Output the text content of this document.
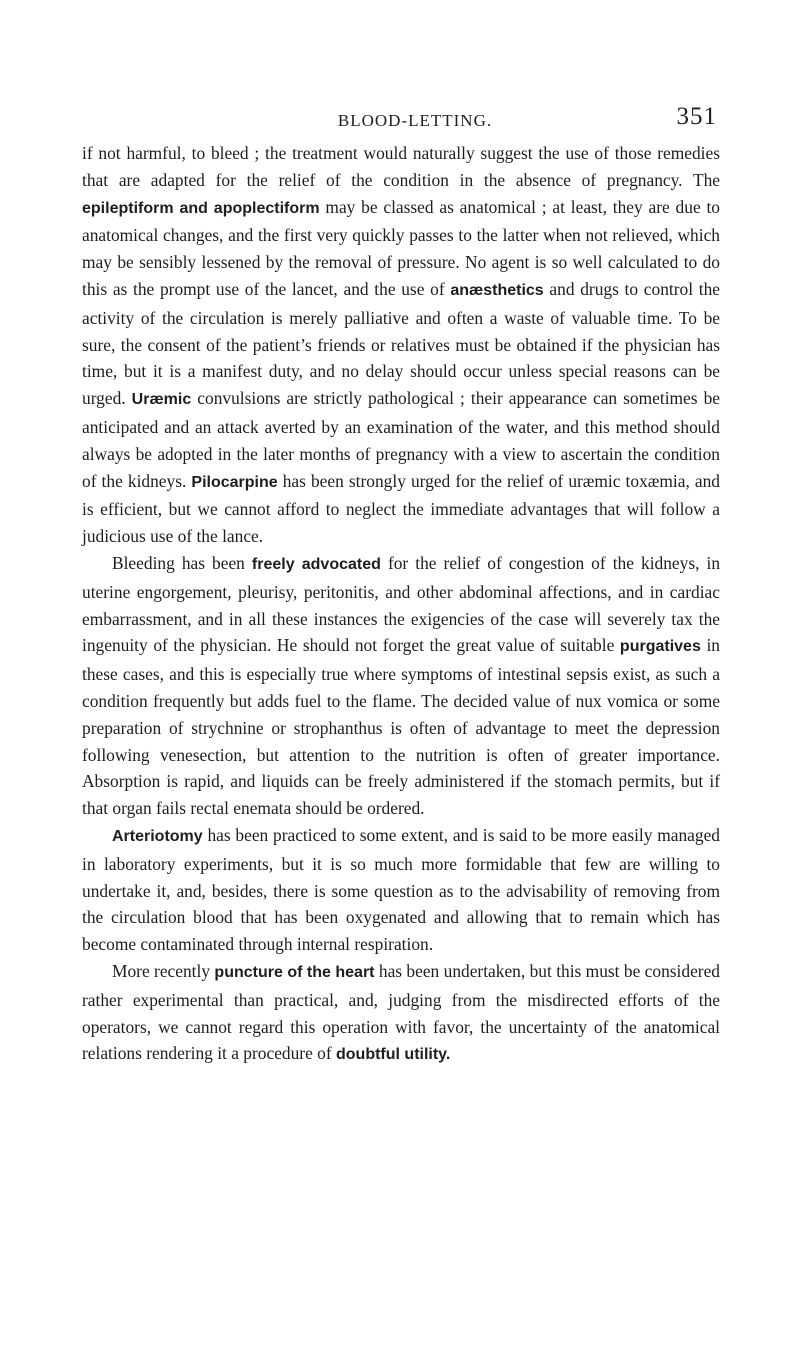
BLOOD-LETTING.	351

if not harmful, to bleed ; the treatment would naturally suggest the use of those remedies that are adapted for the relief of the condition in the absence of pregnancy. The epileptiform and apoplectiform may be classed as anatomical ; at least, they are due to anatomical changes, and the first very quickly passes to the latter when not relieved, which may be sensibly lessened by the removal of pressure. No agent is so well calculated to do this as the prompt use of the lancet, and the use of anæsthetics and drugs to control the activity of the circulation is merely palliative and often a waste of valuable time. To be sure, the consent of the patient’s friends or relatives must be obtained if the physician has time, but it is a manifest duty, and no delay should occur unless special reasons can be urged. Uræmic convulsions are strictly pathological ; their appearance can sometimes be anticipated and an attack averted by an examination of the water, and this method should always be adopted in the later months of pregnancy with a view to ascertain the condition of the kidneys. Pilocarpine has been strongly urged for the relief of uræmic toxæmia, and is efficient, but we cannot afford to neglect the immediate advantages that will follow a judicious use of the lance.

Bleeding has been freely advocated for the relief of congestion of the kidneys, in uterine engorgement, pleurisy, peritonitis, and other abdominal affections, and in cardiac embarrassment, and in all these instances the exigencies of the case will severely tax the ingenuity of the physician. He should not forget the great value of suitable purgatives in these cases, and this is especially true where symptoms of intestinal sepsis exist, as such a condition frequently but adds fuel to the flame. The decided value of nux vomica or some preparation of strychnine or strophanthus is often of advantage to meet the depression following venesection, but attention to the nutrition is often of greater importance. Absorption is rapid, and liquids can be freely administered if the stomach permits, but if that organ fails rectal enemata should be ordered.

Arteriotomy has been practiced to some extent, and is said to be more easily managed in laboratory experiments, but it is so much more formidable that few are willing to undertake it, and, besides, there is some question as to the advisability of removing from the circulation blood that has been oxygenated and allowing that to remain which has become contaminated through internal respiration.

More recently puncture of the heart has been undertaken, but this must be considered rather experimental than practical, and, judging from the misdirected efforts of the operators, we cannot regard this operation with favor, the uncertainty of the anatomical relations rendering it a procedure of doubtful utility.
